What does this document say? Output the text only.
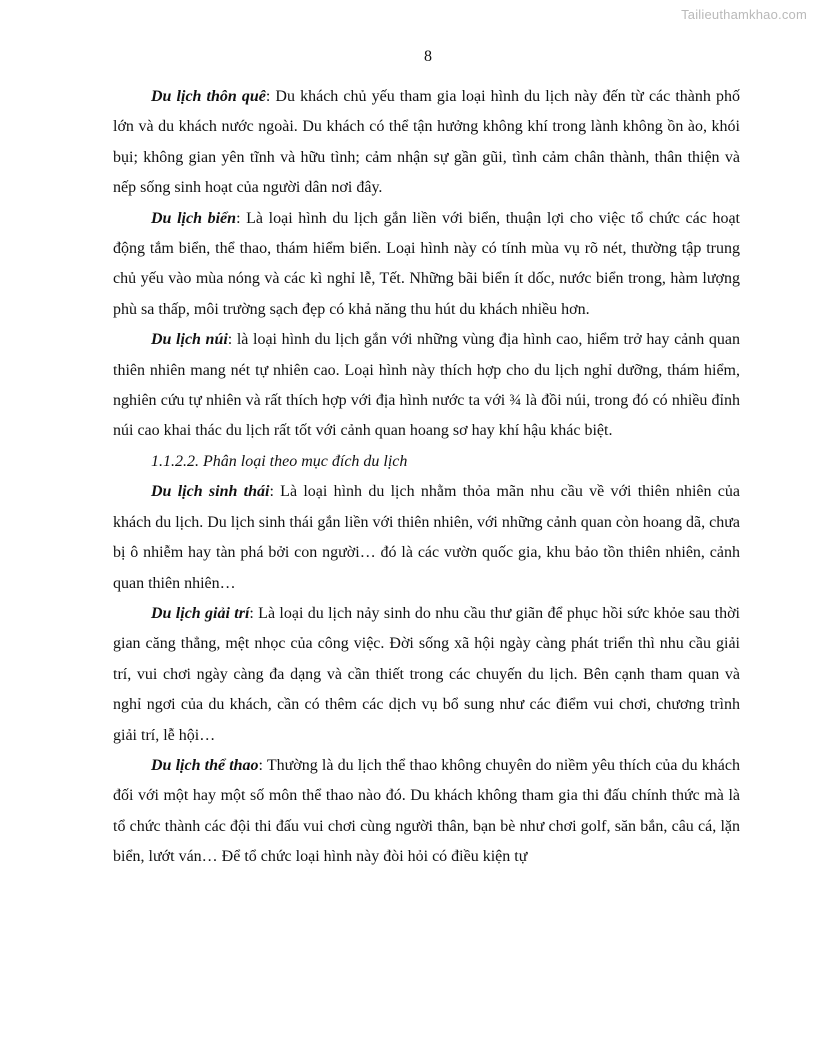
Tailieuthamkhao.com
8

Du lịch thôn quê: Du khách chủ yếu tham gia loại hình du lịch này đến từ các thành phố lớn và du khách nước ngoài. Du khách có thể tận hưởng không khí trong lành không ồn ào, khói bụi; không gian yên tĩnh và hữu tình; cảm nhận sự gần gũi, tình cảm chân thành, thân thiện và nếp sống sinh hoạt của người dân nơi đây.

Du lịch biển: Là loại hình du lịch gắn liền với biển, thuận lợi cho việc tổ chức các hoạt động tắm biển, thể thao, thám hiểm biển. Loại hình này có tính mùa vụ rõ nét, thường tập trung chủ yếu vào mùa nóng và các kì nghỉ lễ, Tết. Những bãi biển ít dốc, nước biển trong, hàm lượng phù sa thấp, môi trường sạch đẹp có khả năng thu hút du khách nhiều hơn.

Du lịch núi: là loại hình du lịch gắn với những vùng địa hình cao, hiểm trở hay cảnh quan thiên nhiên mang nét tự nhiên cao. Loại hình này thích hợp cho du lịch nghỉ dưỡng, thám hiểm, nghiên cứu tự nhiên và rất thích hợp với địa hình nước ta với ¾ là đồi núi, trong đó có nhiều đỉnh núi cao khai thác du lịch rất tốt với cảnh quan hoang sơ hay khí hậu khác biệt.

1.1.2.2. Phân loại theo mục đích du lịch

Du lịch sinh thái: Là loại hình du lịch nhằm thỏa mãn nhu cầu về với thiên nhiên của khách du lịch. Du lịch sinh thái gắn liền với thiên nhiên, với những cảnh quan còn hoang dã, chưa bị ô nhiễm hay tàn phá bởi con người… đó là các vườn quốc gia, khu bảo tồn thiên nhiên, cảnh quan thiên nhiên…

Du lịch giải trí: Là loại du lịch nảy sinh do nhu cầu thư giãn để phục hồi sức khỏe sau thời gian căng thẳng, mệt nhọc của công việc. Đời sống xã hội ngày càng phát triển thì nhu cầu giải trí, vui chơi ngày càng đa dạng và cần thiết trong các chuyến du lịch. Bên cạnh tham quan và nghỉ ngơi của du khách, cần có thêm các dịch vụ bổ sung như các điểm vui chơi, chương trình giải trí, lễ hội…

Du lịch thể thao: Thường là du lịch thể thao không chuyên do niềm yêu thích của du khách đối với một hay một số môn thể thao nào đó. Du khách không tham gia thi đấu chính thức mà là tổ chức thành các đội thi đấu vui chơi cùng người thân, bạn bè như chơi golf, săn bắn, câu cá, lặn biển, lướt ván… Để tổ chức loại hình này đòi hỏi có điều kiện tự
